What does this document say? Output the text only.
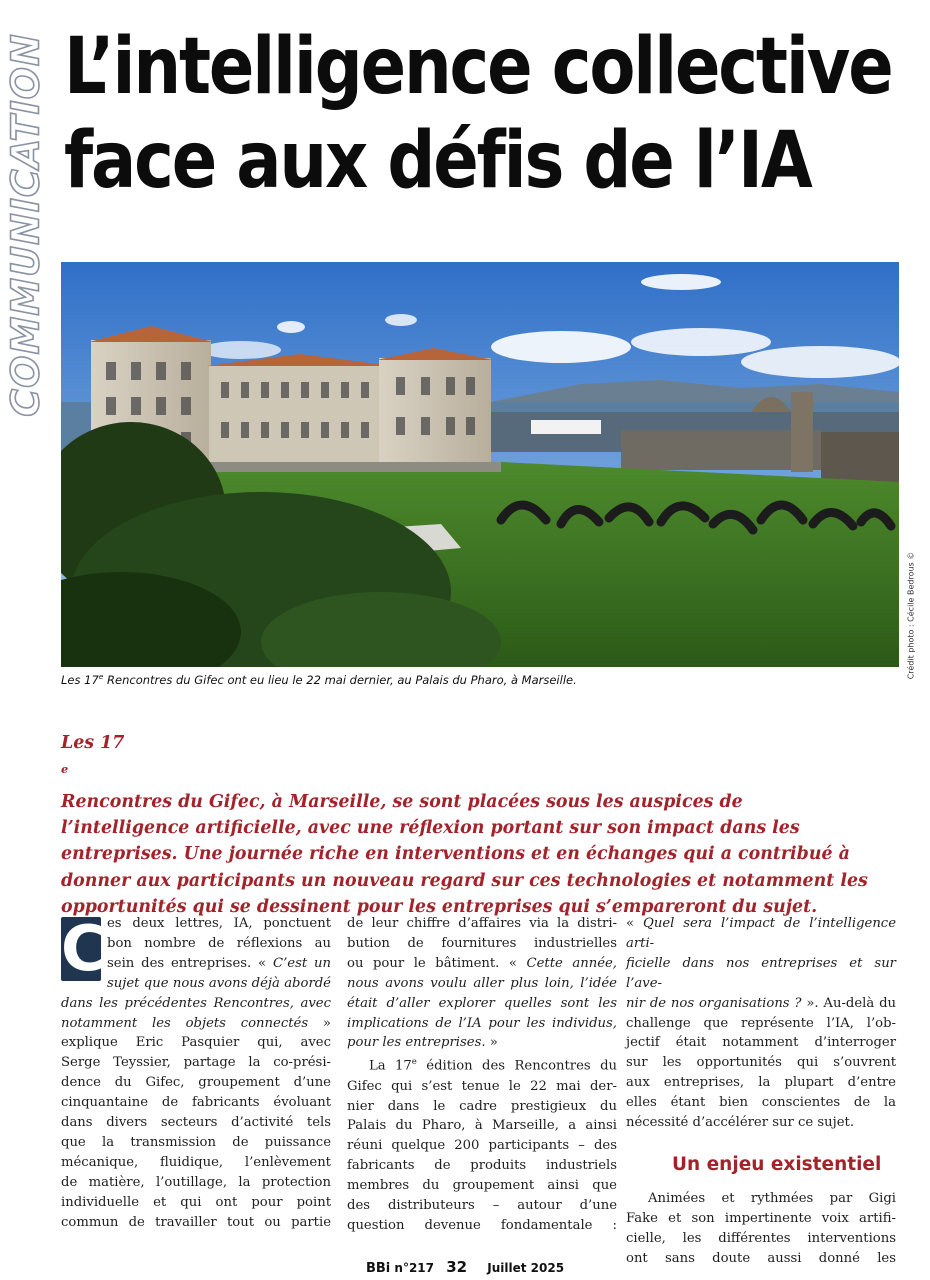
COMMUNICATION L’intelligence collective
face aux défis de l’IA
Crédit photo : Cécile Bedrous ©
Les 17e Rencontres du Gifec ont eu lieu le 22 mai dernier, au Palais du Pharo, à Marseille.

Les 17
$^e$
Rencontres du Gifec, à Marseille, se sont placées sous les auspices de
l’intelligence artificielle, avec une réflexion portant sur son impact dans les
entreprises. Une journée riche en interventions et en échanges qui a contribué à
donner aux participants un nouveau regard sur ces technologies et notamment les
opportunités qui se dessinent pour les entreprises qui s’empareront du sujet.

C es deux lettres, IA, ponctuent
bon nombre de réflexions au
sein des entreprises. « C’est un
sujet que nous avons déjà abordé
dans les précédentes Rencontres, avec
notamment les objets connectés »
explique Eric Pasquier qui, avec
Serge Teyssier, partage la co-prési-
dence du Gifec, groupement d’une
cinquantaine de fabricants évoluant
dans divers secteurs d’activité tels
que la transmission de puissance
mécanique, fluidique, l’enlèvement
de matière, l’outillage, la protection
individuelle et qui ont pour point
commun de travailler tout ou partie

de leur chiffre d’affaires via la distri-
bution de fournitures industrielles
ou pour le bâtiment. « Cette année,
nous avons voulu aller plus loin, l’idée
était d’aller explorer quelles sont les
implications de l’IA pour les individus,
pour les entreprises. »

La 17e édition des Rencontres du
Gifec qui s’est tenue le 22 mai der-
nier dans le cadre prestigieux du
Palais du Pharo, à Marseille, a ainsi
réuni quelque 200 participants – des
fabricants de produits industriels
membres du groupement ainsi que
des distributeurs – autour d’une
question devenue fondamentale :

« Quel sera l’impact de l’intelligence arti-
ficielle dans nos entreprises et sur l’ave-
nir de nos organisations ? ». Au-delà du
challenge que représente l’IA, l’ob-
jectif était notamment d’interroger
sur les opportunités qui s’ouvrent
aux entreprises, la plupart d’entre
elles étant bien conscientes de la
nécessité d’accélérer sur ce sujet.

Un enjeu existentiel

Animées et rythmées par Gigi
Fake et son impertinente voix artifi-
cielle, les différentes interventions
ont sans doute aussi donné les

BBi n°217 32 Juillet 2025
